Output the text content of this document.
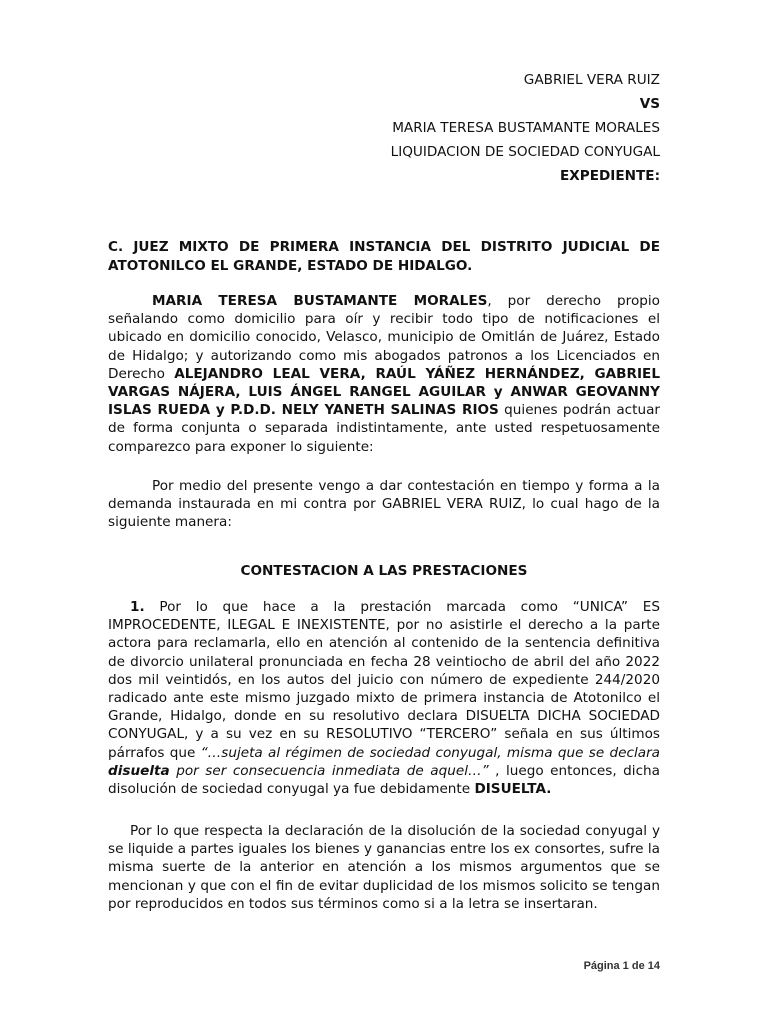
GABRIEL VERA RUIZ
VS
MARIA TERESA BUSTAMANTE MORALES
LIQUIDACION DE SOCIEDAD CONYUGAL
EXPEDIENTE:
C. JUEZ MIXTO DE PRIMERA INSTANCIA DEL DISTRITO JUDICIAL DE ATOTONILCO EL GRANDE, ESTADO DE HIDALGO.
MARIA TERESA BUSTAMANTE MORALES, por derecho propio señalando como domicilio para oír y recibir todo tipo de notificaciones el ubicado en domicilio conocido, Velasco, municipio de Omitlán de Juárez, Estado de Hidalgo; y autorizando como mis abogados patronos a los Licenciados en Derecho ALEJANDRO LEAL VERA, RAÚL YÁÑEZ HERNÁNDEZ, GABRIEL VARGAS NÁJERA, LUIS ÁNGEL RANGEL AGUILAR y ANWAR GEOVANNY ISLAS RUEDA y P.D.D. NELY YANETH SALINAS RIOS quienes podrán actuar de forma conjunta o separada indistintamente, ante usted respetuosamente comparezco para exponer lo siguiente:
Por medio del presente vengo a dar contestación en tiempo y forma a la demanda instaurada en mi contra por GABRIEL VERA RUIZ, lo cual hago de la siguiente manera:
CONTESTACION A LAS PRESTACIONES
1. Por lo que hace a la prestación marcada como “UNICA” ES IMPROCEDENTE, ILEGAL E INEXISTENTE, por no asistirle el derecho a la parte actora para reclamarla, ello en atención al contenido de la sentencia definitiva de divorcio unilateral pronunciada en fecha 28 veintiocho de abril del año 2022 dos mil veintidós, en los autos del juicio con número de expediente 244/2020 radicado ante este mismo juzgado mixto de primera instancia de Atotonilco el Grande, Hidalgo, donde en su resolutivo declara DISUELTA DICHA SOCIEDAD CONYUGAL, y a su vez en su RESOLUTIVO “TERCERO” señala en sus últimos párrafos que “…sujeta al régimen de sociedad conyugal, misma que se declara disuelta por ser consecuencia inmediata de aquel…” , luego entonces, dicha disolución de sociedad conyugal ya fue debidamente DISUELTA.
Por lo que respecta la declaración de la disolución de la sociedad conyugal y se liquide a partes iguales los bienes y ganancias entre los ex consortes, sufre la misma suerte de la anterior en atención a los mismos argumentos que se mencionan y que con el fin de evitar duplicidad de los mismos solicito se tengan por reproducidos en todos sus términos como si a la letra se insertaran.
Página 1 de 14
